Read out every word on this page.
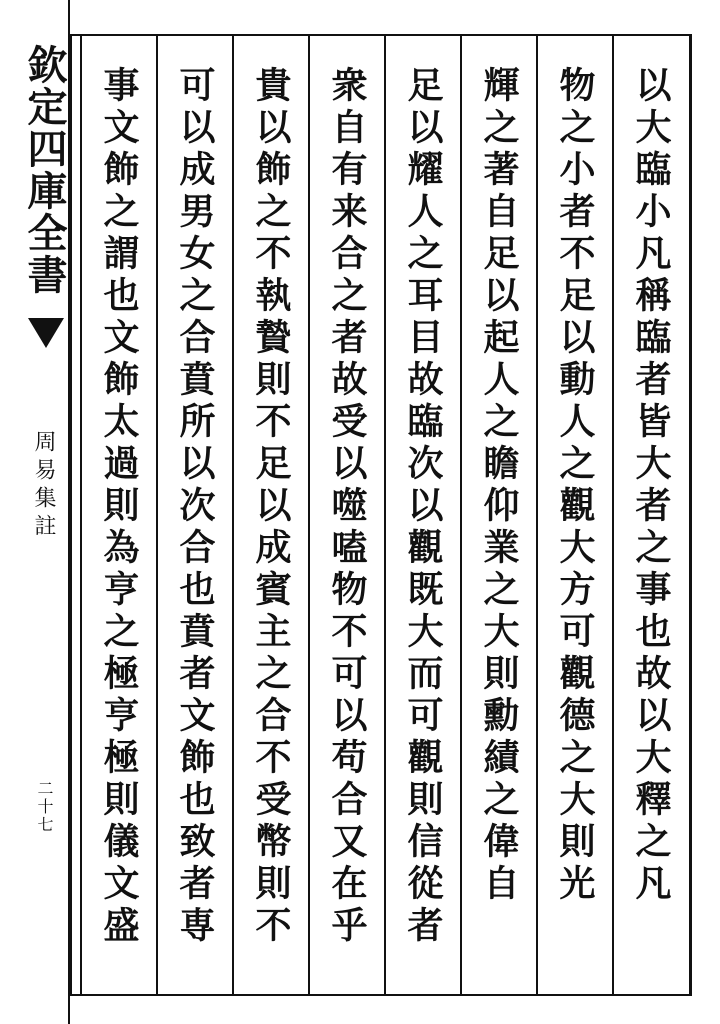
欽定四庫全書
周易集註
二十七	以大臨小凡稱臨者皆大者之事也故以大釋之凡
物之小者不足以動人之觀大方可觀德之大則光
輝之著自足以起人之瞻仰業之大則勳績之偉自
足以耀人之耳目故臨次以觀既大而可觀則信從者
衆自有来合之者故受以噬嗑物不可以苟合又在乎
貴以飾之不執贄則不足以成賓主之合不受幣則不
可以成男女之合賁所以次合也賁者文飾也致者専
事文飾之謂也文飾太過則為亨之極亨極則儀文盛
